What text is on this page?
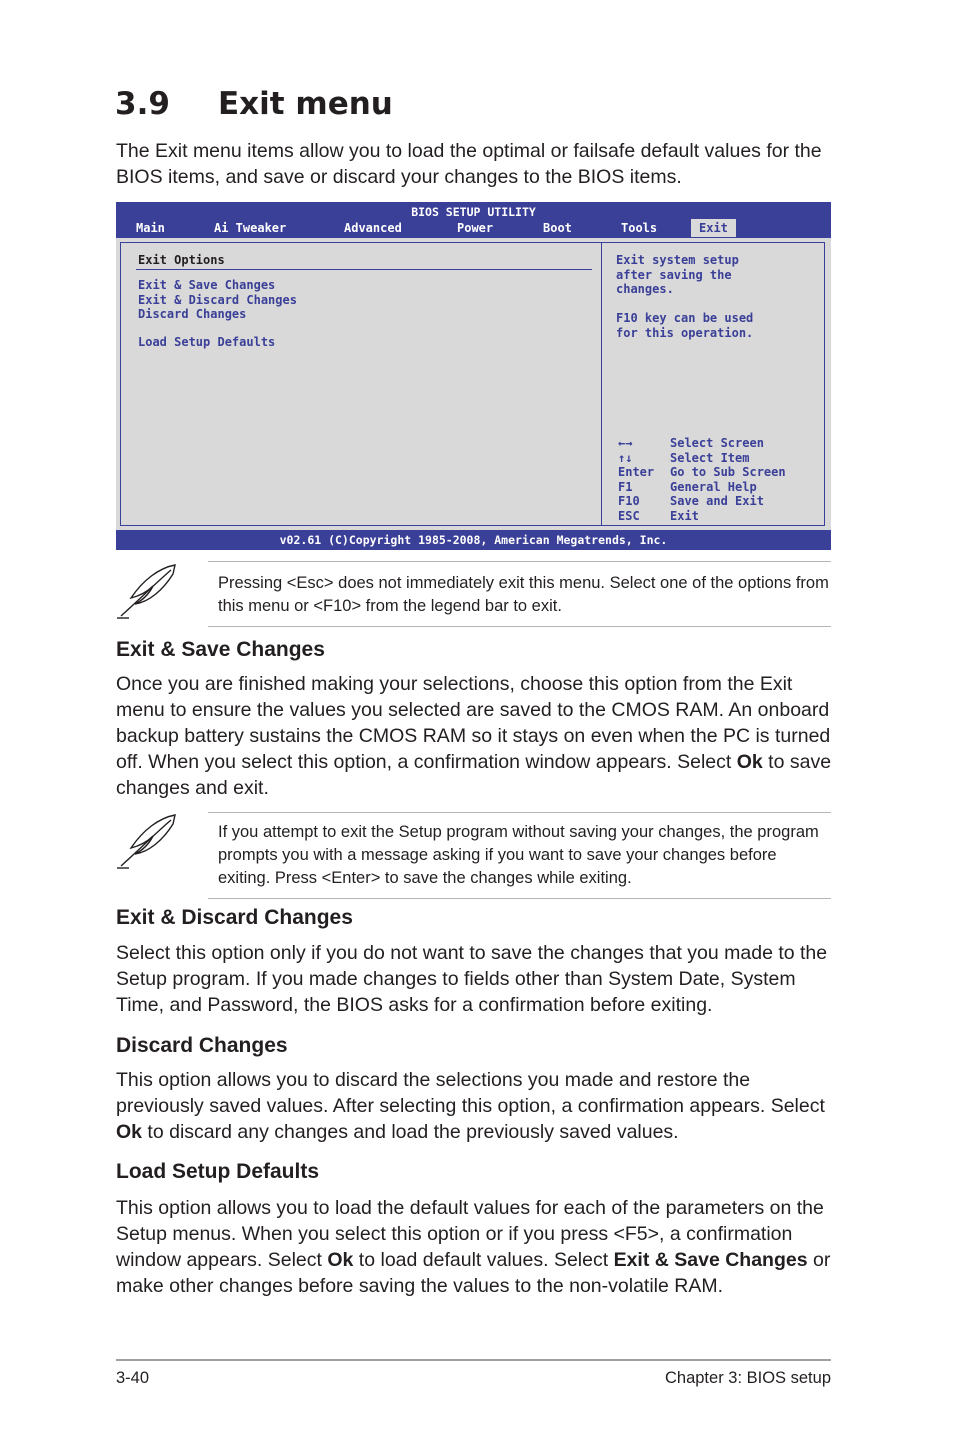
3.9 Exit menu
The Exit menu items allow you to load the optimal or failsafe default values for the BIOS items, and save or discard your changes to the BIOS items.
BIOS SETUP UTILITY
Main	Ai Tweaker	Advanced	Power	Boot	Tools	Exit
Exit Options
Exit & Save Changes
Exit & Discard Changes
Discard Changes
Load Setup Defaults
Exit system setup
after saving the
changes.
F10 key can be used
for this operation.
←→	Select Screen
↑↓	Select Item
Enter Go to Sub Screen
F1	General Help
F10	Save and Exit
ESC	Exit
v02.61 (C)Copyright 1985-2008, American Megatrends, Inc.
Pressing <Esc> does not immediately exit this menu. Select one of the options from this menu or <F10> from the legend bar to exit.
Exit & Save Changes
Once you are finished making your selections, choose this option from the Exit menu to ensure the values you selected are saved to the CMOS RAM. An onboard backup battery sustains the CMOS RAM so it stays on even when the PC is turned off. When you select this option, a confirmation window appears. Select Ok to save changes and exit.
If you attempt to exit the Setup program without saving your changes, the program prompts you with a message asking if you want to save your changes before exiting. Press <Enter> to save the changes while exiting.
Exit & Discard Changes
Select this option only if you do not want to save the changes that you made to the Setup program. If you made changes to fields other than System Date, System Time, and Password, the BIOS asks for a confirmation before exiting.
Discard Changes
This option allows you to discard the selections you made and restore the previously saved values. After selecting this option, a confirmation appears. Select Ok to discard any changes and load the previously saved values.
Load Setup Defaults
This option allows you to load the default values for each of the parameters on the Setup menus. When you select this option or if you press <F5>, a confirmation window appears. Select Ok to load default values. Select Exit & Save Changes or make other changes before saving the values to the non-volatile RAM.
3-40	Chapter 3: BIOS setup
